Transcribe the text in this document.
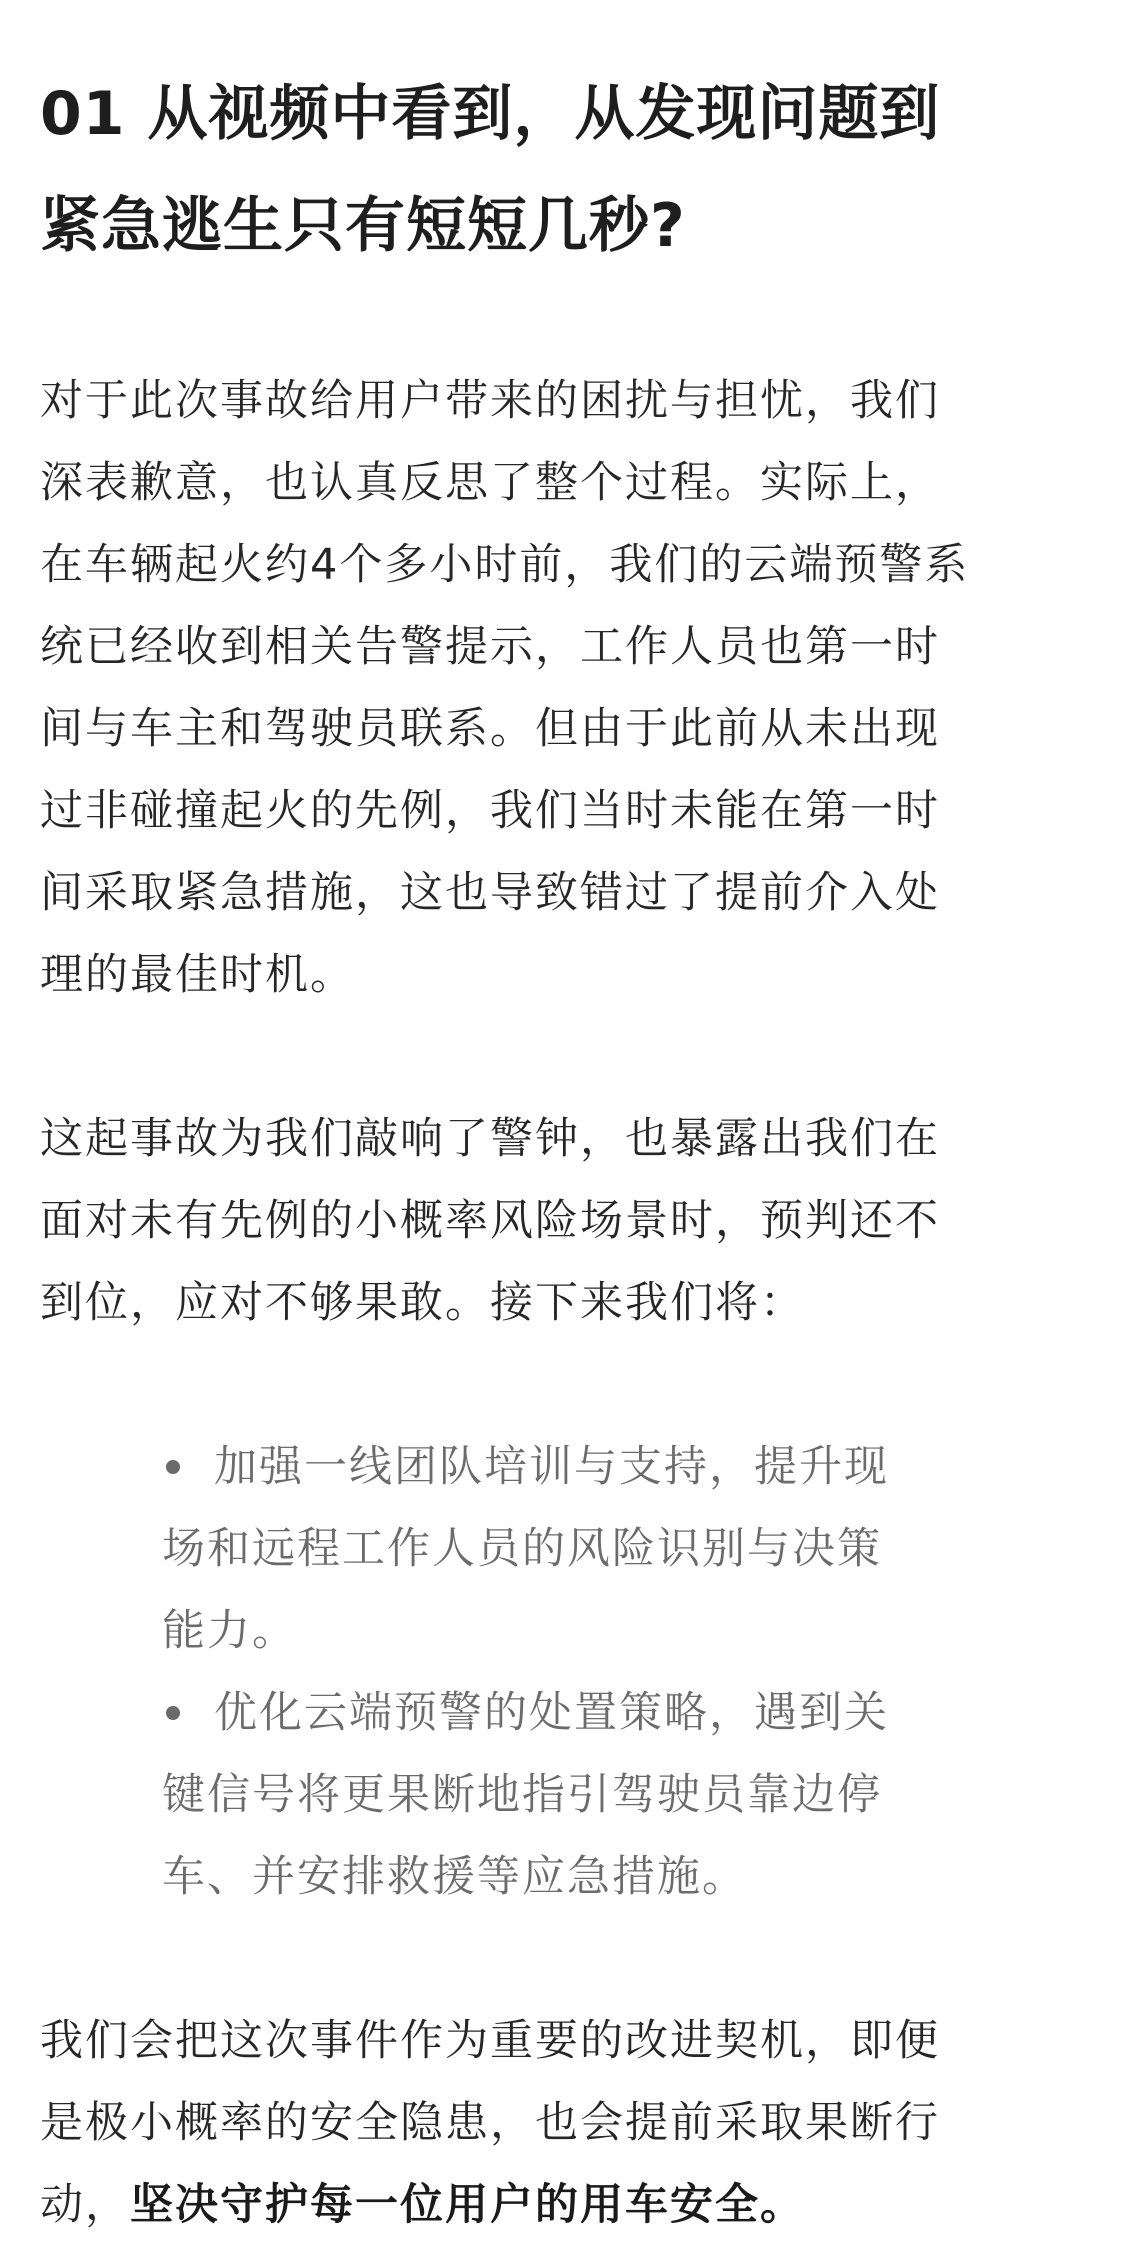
01 从视频中看到，从发现问题到
紧急逃生只有短短几秒?

对于此次事故给用户带来的困扰与担忧，我们
深表歉意，也认真反思了整个过程。实际上，
在车辆起火约4个多小时前，我们的云端预警系
统已经收到相关告警提示，工作人员也第一时
间与车主和驾驶员联系。但由于此前从未出现
过非碰撞起火的先例，我们当时未能在第一时
间采取紧急措施，这也导致错过了提前介入处
理的最佳时机。

这起事故为我们敲响了警钟，也暴露出我们在
面对未有先例的小概率风险场景时，预判还不
到位，应对不够果敢。接下来我们将：

加强一线团队培训与支持，提升现
场和远程工作人员的风险识别与决策
能力。
优化云端预警的处置策略，遇到关
键信号将更果断地指引驾驶员靠边停
车、并安排救援等应急措施。

我们会把这次事件作为重要的改进契机，即便
是极小概率的安全隐患，也会提前采取果断行
动，坚决守护每一位用户的用车安全。
